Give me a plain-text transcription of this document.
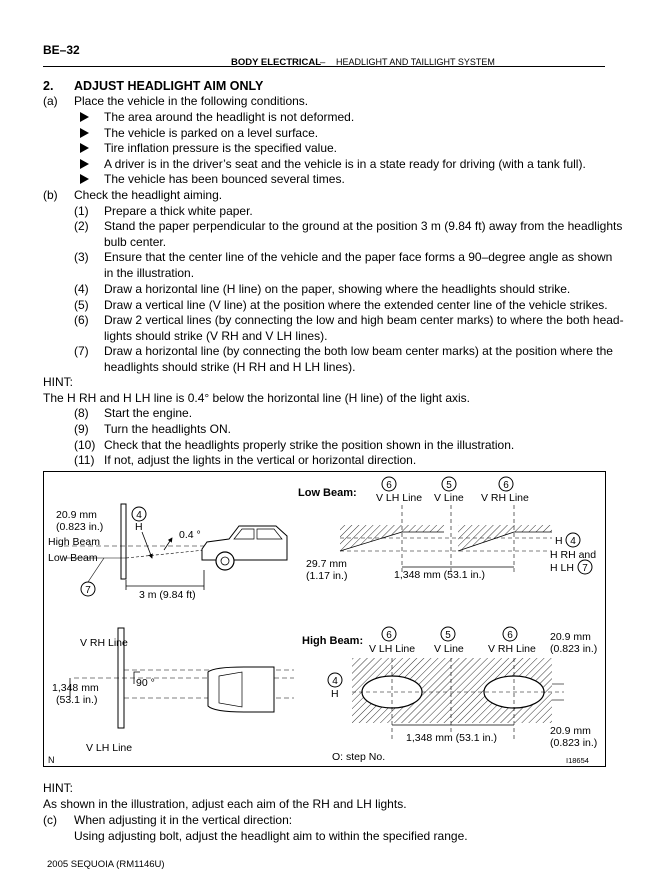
BE–32
BODY ELECTRICAL
– HEADLIGHT AND TAILLIGHT SYSTEM
2. ADJUST HEADLIGHT AIM ONLY
(a) Place the vehicle in the following conditions.
The area around the headlight is not deformed.
The vehicle is parked on a level surface.
Tire inflation pressure is the specified value.
A driver is in the driver’s seat and the vehicle is in a state ready for driving (with a tank full).
The vehicle has been bounced several times.
(b) Check the headlight aiming.
(1) Prepare a thick white paper.
(2) Stand the paper perpendicular to the ground at the position 3 m (9.84 ft) away from the headlights
bulb center.
(3) Ensure that the center line of the vehicle and the paper face forms a 90–degree angle as shown
in the illustration.
(4) Draw a horizontal line (H line) on the paper, showing where the headlights should strike.
(5) Draw a vertical line (V line) at the position where the extended center line of the vehicle strikes.
(6) Draw 2 vertical lines (by connecting the low and high beam center marks) to where the both head-
lights should strike (V RH and V LH lines).
(7) Draw a horizontal line (by connecting the both low beam center marks) at the position where the
headlights should strike (H RH and H LH lines).
HINT:
The H RH and H LH line is 0.4° below the horizontal line (H line) of the light axis.
(8) Start the engine.
(9) Turn the headlights ON.
(10) Check that the headlights properly strike the position shown in the illustration.
(11) If not, adjust the lights in the vertical or horizontal direction.
20.9 mm
(0.823 in.)
High Beam
Low Beam
4
H
0.4 °
7	3 m (9.84 ft)
Low Beam:
6	5	6
V LH Line V Line V RH Line
H 4
H RH and
H LH 7
29.7 mm
(1.17 in.)	1,348 mm (53.1 in.)
V RH Line
1,348 mm
(53.1 in.)
90 °
V LH Line
High Beam: 6	5	6
V LH Line V Line V RH Line
4
H
20.9 mm
(0.823 in.)
20.9 mm
(0.823 in.)
1,348 mm (53.1 in.)
N	O: step No.	I18654
HINT:
As shown in the illustration, adjust each aim of the RH and LH lights.
(c) When adjusting it in the vertical direction:
Using adjusting bolt, adjust the headlight aim to within the specified range.
2005 SEQUOIA (RM1146U)
